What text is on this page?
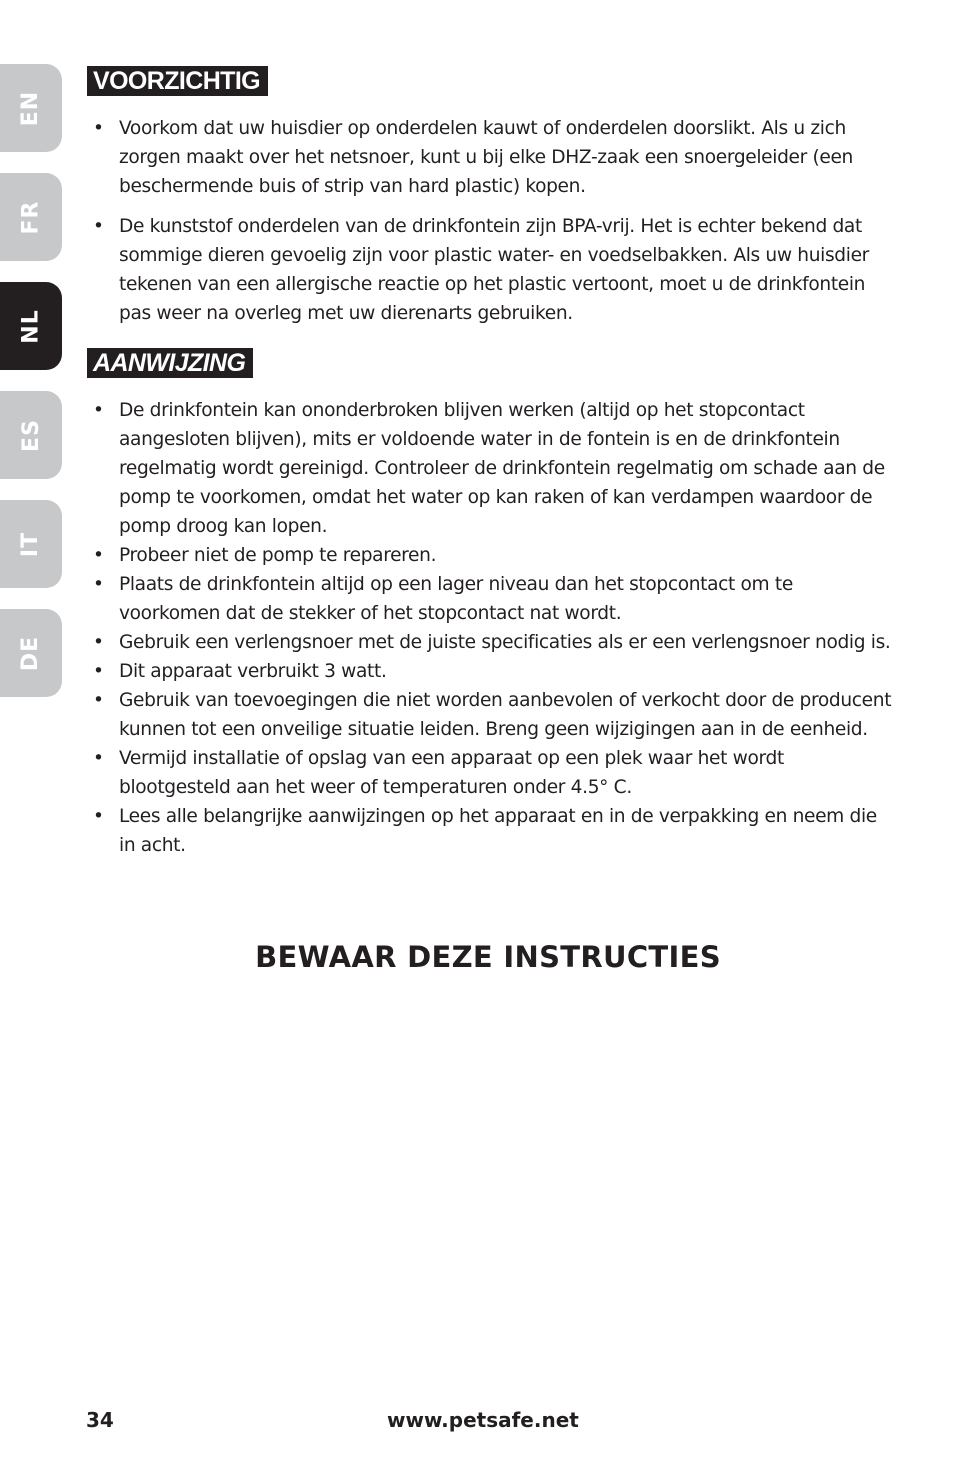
EN
FR
NL
ES
IT
DE
VOORZICHTIG
• Voorkom dat uw huisdier op onderdelen kauwt of onderdelen doorslikt. Als u zich zorgen maakt over het netsnoer, kunt u bij elke DHZ-zaak een snoergeleider (een beschermende buis of strip van hard plastic) kopen.
• De kunststof onderdelen van de drinkfontein zijn BPA-vrij. Het is echter bekend dat sommige dieren gevoelig zijn voor plastic water- en voedselbakken. Als uw huisdier tekenen van een allergische reactie op het plastic vertoont, moet u de drinkfontein pas weer na overleg met uw dierenarts gebruiken.
AANWIJZING
• De drinkfontein kan ononderbroken blijven werken (altijd op het stopcontact aangesloten blijven), mits er voldoende water in de fontein is en de drinkfontein regelmatig wordt gereinigd. Controleer de drinkfontein regelmatig om schade aan de pomp te voorkomen, omdat het water op kan raken of kan verdampen waardoor de pomp droog kan lopen.
• Probeer niet de pomp te repareren.
• Plaats de drinkfontein altijd op een lager niveau dan het stopcontact om te voorkomen dat de stekker of het stopcontact nat wordt.
• Gebruik een verlengsnoer met de juiste specificaties als er een verlengsnoer nodig is.
• Dit apparaat verbruikt 3 watt.
• Gebruik van toevoegingen die niet worden aanbevolen of verkocht door de producent kunnen tot een onveilige situatie leiden. Breng geen wijzigingen aan in de eenheid.
• Vermijd installatie of opslag van een apparaat op een plek waar het wordt blootgesteld aan het weer of temperaturen onder 4.5° C.
• Lees alle belangrijke aanwijzingen op het apparaat en in de verpakking en neem die in acht.
BEWAAR DEZE INSTRUCTIES
34	www.petsafe.net
